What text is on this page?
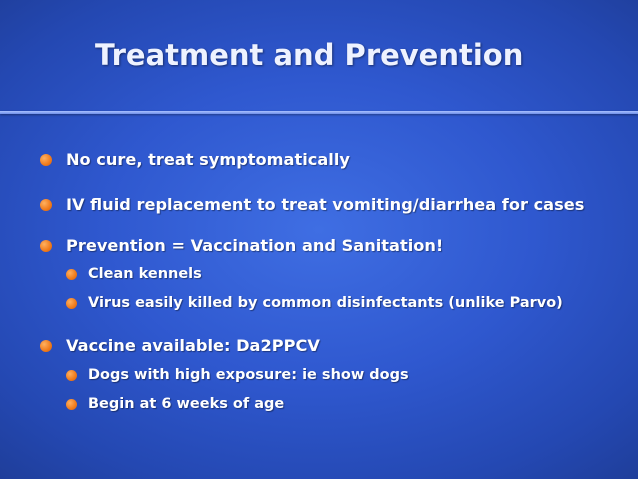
Treatment and Prevention
No cure, treat symptomatically
IV fluid replacement to treat vomiting/diarrhea for cases
Prevention = Vaccination and Sanitation!
Clean kennels
Virus easily killed by common disinfectants (unlike Parvo)
Vaccine available: Da2PPCV
Dogs with high exposure: ie show dogs
Begin at 6 weeks of age
